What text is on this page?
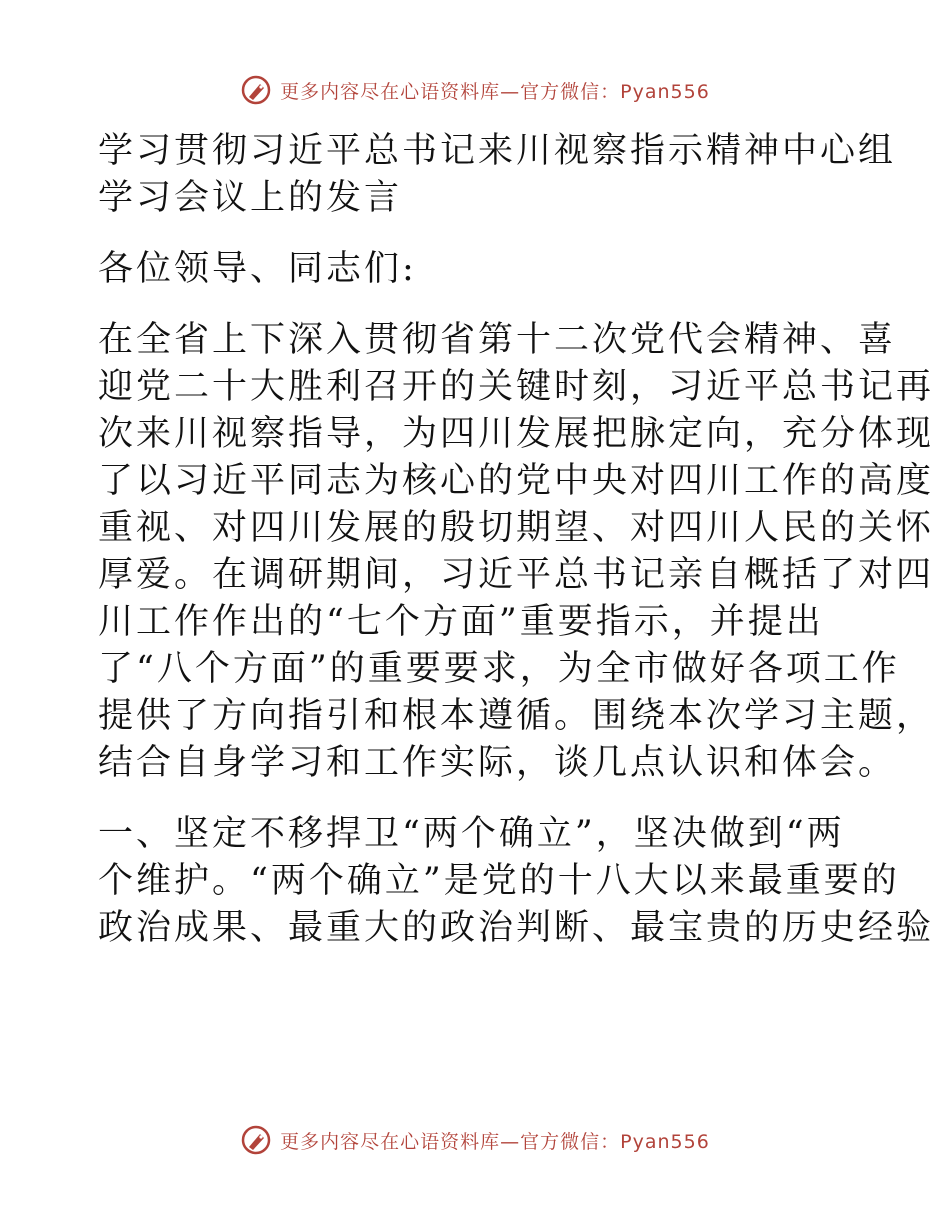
更多内容尽在心语资料库—官方微信：Pyan556
学习贯彻习近平总书记来川视察指示精神中心组
学习会议上的发言
各位领导、同志们:
在全省上下深入贯彻省第十二次党代会精神、喜
迎党二十大胜利召开的关键时刻，习近平总书记再
次来川视察指导，为四川发展把脉定向，充分体现
了以习近平同志为核心的党中央对四川工作的高度
重视、对四川发展的殷切期望、对四川人民的关怀
厚爱。在调研期间，习近平总书记亲自概括了对四
川工作作出的“七个方面”重要指示，并提出
了“八个方面”的重要要求，为全市做好各项工作
提供了方向指引和根本遵循。围绕本次学习主题，
结合自身学习和工作实际，谈几点认识和体会。
一、坚定不移捍卫“两个确立”，坚决做到“两
个维护。“两个确立”是党的十八大以来最重要的
政治成果、最重大的政治判断、最宝贵的历史经验
更多内容尽在心语资料库—官方微信：Pyan556
